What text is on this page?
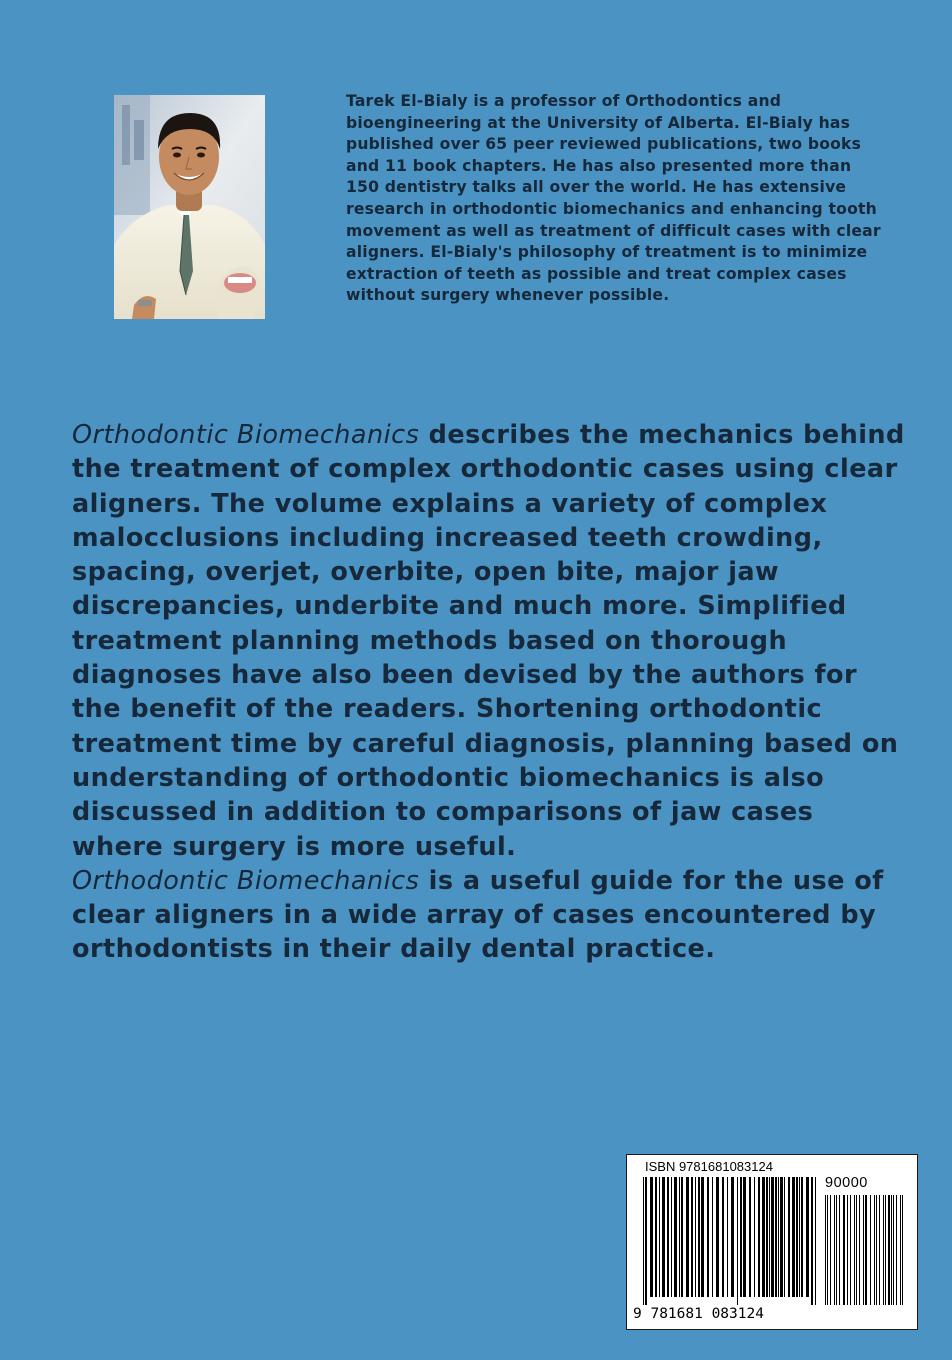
Tarek El-Bialy is a professor of Orthodontics and bioengineering at the University of Alberta. El-Bialy has published over 65 peer reviewed publications, two books and 11 book chapters. He has also presented more than 150 dentistry talks all over the world. He has extensive research in orthodontic biomechanics and enhancing tooth movement as well as treatment of difficult cases with clear aligners. El-Bialy's philosophy of treatment is to minimize extraction of teeth as possible and treat complex cases without surgery whenever possible.

Orthodontic Biomechanics describes the mechanics behind the treatment of complex orthodontic cases using clear aligners. The volume explains a variety of complex malocclusions including increased teeth crowding, spacing, overjet, overbite, open bite, major jaw discrepancies, underbite and much more. Simplified treatment planning methods based on thorough diagnoses have also been devised by the authors for the benefit of the readers. Shortening orthodontic treatment time by careful diagnosis, planning based on understanding of orthodontic biomechanics is also discussed in addition to comparisons of jaw cases where surgery is more useful.

Orthodontic Biomechanics is a useful guide for the use of clear aligners in a wide array of cases encountered by orthodontists in their daily dental practice.

ISBN 9781681083124
90000
9 781681 083124
